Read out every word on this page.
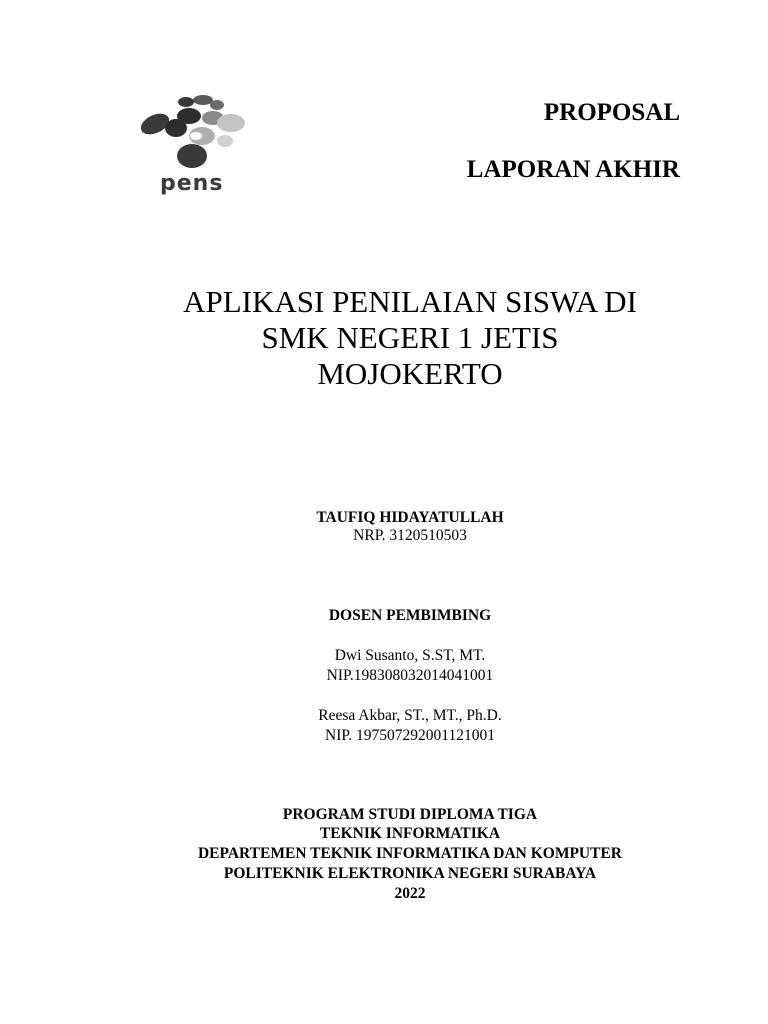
pens
PROPOSAL
LAPORAN AKHIR
APLIKASI PENILAIAN SISWA DI
SMK NEGERI 1 JETIS
MOJOKERTO
TAUFIQ HIDAYATULLAH
NRP. 3120510503
DOSEN PEMBIMBING
Dwi Susanto, S.ST, MT.
NIP.198308032014041001
Reesa Akbar, ST., MT., Ph.D.
NIP. 197507292001121001
PROGRAM STUDI DIPLOMA TIGA
TEKNIK INFORMATIKA
DEPARTEMEN TEKNIK INFORMATIKA DAN KOMPUTER
POLITEKNIK ELEKTRONIKA NEGERI SURABAYA
2022
